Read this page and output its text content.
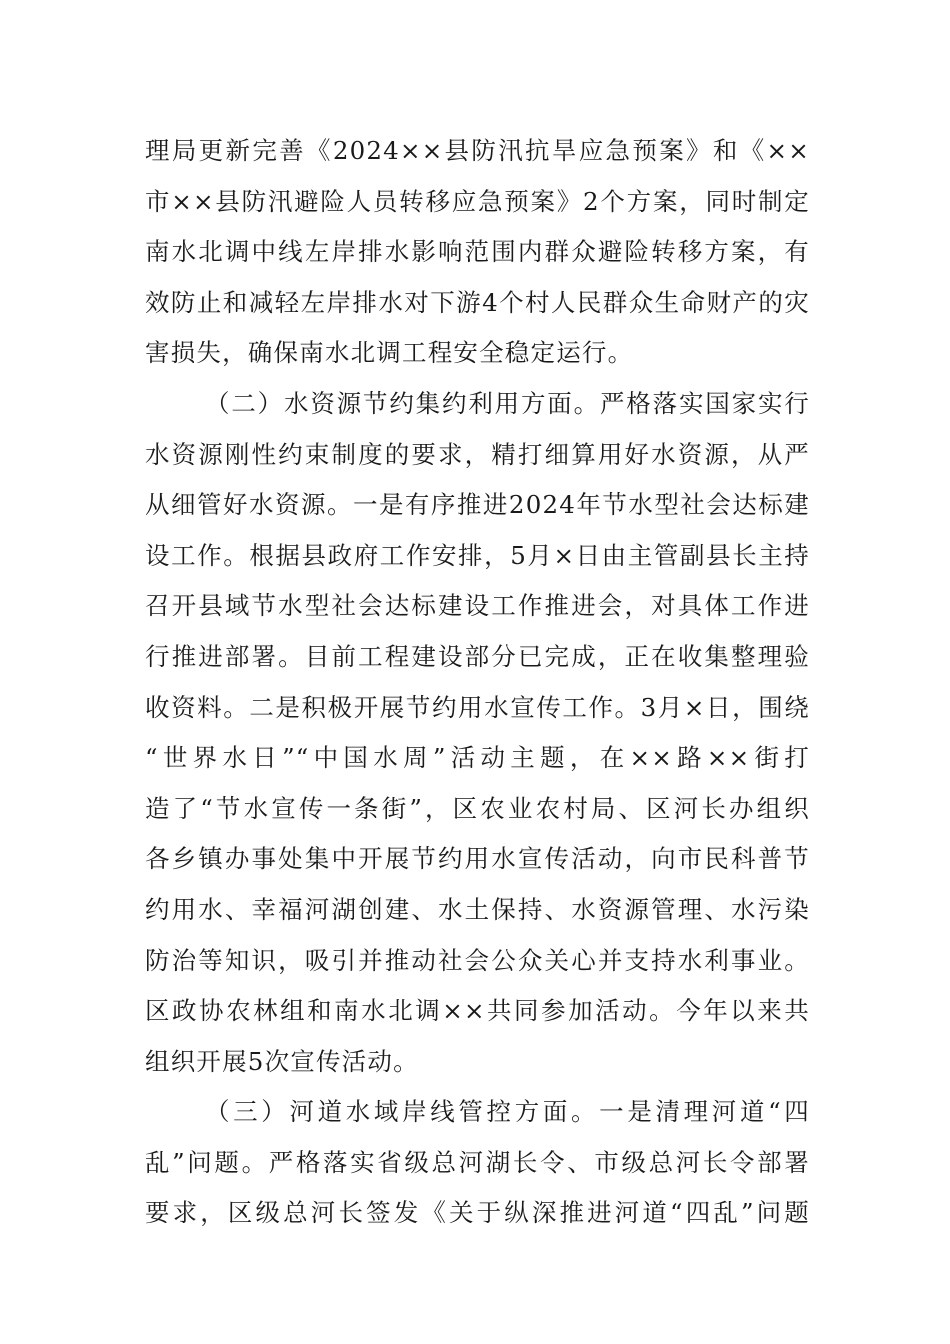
理局更新完善《2024××县防汛抗旱应急预案》和《××
市××县防汛避险人员转移应急预案》2个方案，同时制定
南水北调中线左岸排水影响范围内群众避险转移方案，有
效防止和减轻左岸排水对下游4个村人民群众生命财产的灾
害损失，确保南水北调工程安全稳定运行。
（二）水资源节约集约利用方面。严格落实国家实行
水资源刚性约束制度的要求，精打细算用好水资源，从严
从细管好水资源。一是有序推进2024年节水型社会达标建
设工作。根据县政府工作安排，5月×日由主管副县长主持
召开县域节水型社会达标建设工作推进会，对具体工作进
行推进部署。目前工程建设部分已完成，正在收集整理验
收资料。二是积极开展节约用水宣传工作。3月×日，围绕
“世界水日”“中国水周”活动主题，在××路××街打
造了“节水宣传一条街”，区农业农村局、区河长办组织
各乡镇办事处集中开展节约用水宣传活动，向市民科普节
约用水、幸福河湖创建、水土保持、水资源管理、水污染
防治等知识，吸引并推动社会公众关心并支持水利事业。
区政协农林组和南水北调××共同参加活动。今年以来共
组织开展5次宣传活动。
（三）河道水域岸线管控方面。一是清理河道“四
乱”问题。严格落实省级总河湖长令、市级总河长令部署
要求，区级总河长签发《关于纵深推进河道“四乱”问题
